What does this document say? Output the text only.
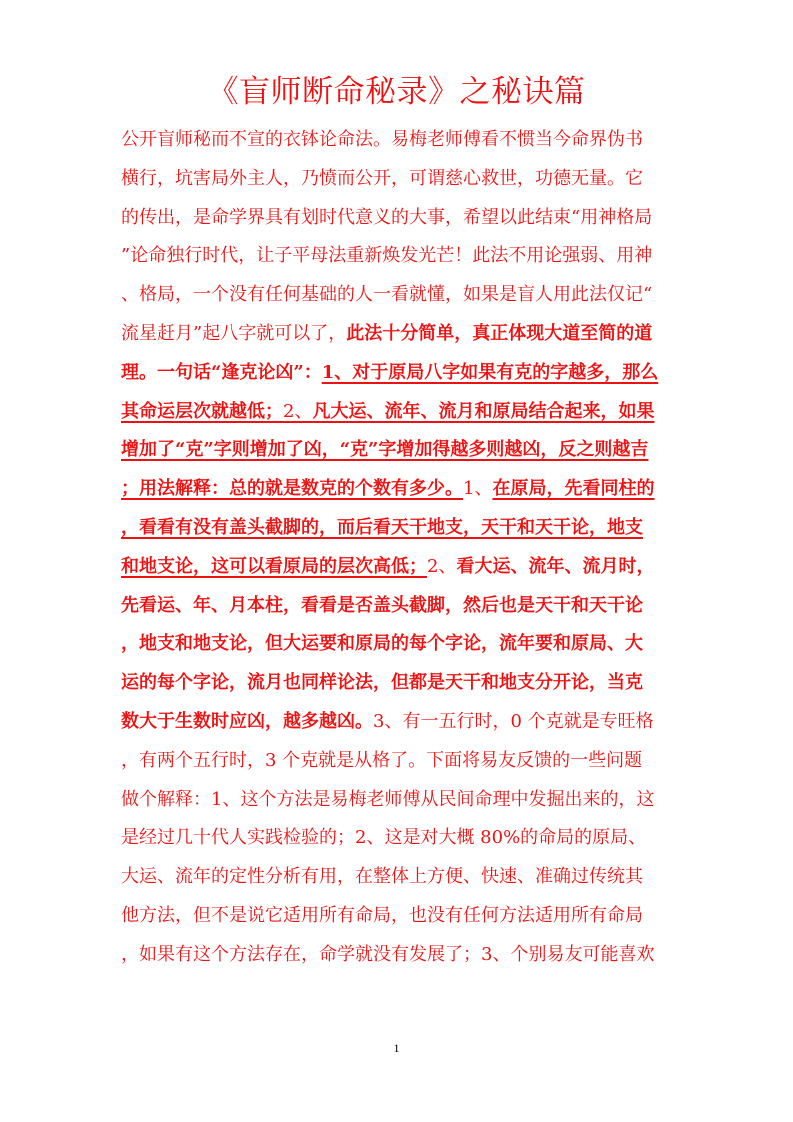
《盲师断命秘录》之秘诀篇
公开盲师秘而不宣的衣钵论命法。易梅老师傅看不惯当今命界伪书
横行，坑害局外主人，乃愤而公开，可谓慈心救世，功德无量。它
的传出，是命学界具有划时代意义的大事，希望以此结束“用神格局
”论命独行时代，让子平母法重新焕发光芒！此法不用论强弱、用神
、格局，一个没有任何基础的人一看就懂，如果是盲人用此法仅记“
流星赶月”起八字就可以了，此法十分简单，真正体现大道至简的道
理。一句话“逢克论凶”：1、对于原局八字如果有克的字越多，那么
其命运层次就越低；2、凡大运、流年、流月和原局结合起来，如果
增加了“克”字则增加了凶，“克”字增加得越多则越凶，反之则越吉
；用法解释：总的就是数克的个数有多少。1、在原局，先看同柱的
，看看有没有盖头截脚的，而后看天干地支，天干和天干论，地支
和地支论，这可以看原局的层次高低；2、看大运、流年、流月时，
先看运、年、月本柱，看看是否盖头截脚，然后也是天干和天干论
，地支和地支论，但大运要和原局的每个字论，流年要和原局、大
运的每个字论，流月也同样论法，但都是天干和地支分开论，当克
数大于生数时应凶，越多越凶。3、有一五行时，0 个克就是专旺格
，有两个五行时，3 个克就是从格了。下面将易友反馈的一些问题
做个解释：1、这个方法是易梅老师傅从民间命理中发掘出来的，这
是经过几十代人实践检验的；2、这是对大概 80%的命局的原局、
大运、流年的定性分析有用，在整体上方便、快速、准确过传统其
他方法，但不是说它适用所有命局，也没有任何方法适用所有命局
，如果有这个方法存在，命学就没有发展了；3、个别易友可能喜欢
1
